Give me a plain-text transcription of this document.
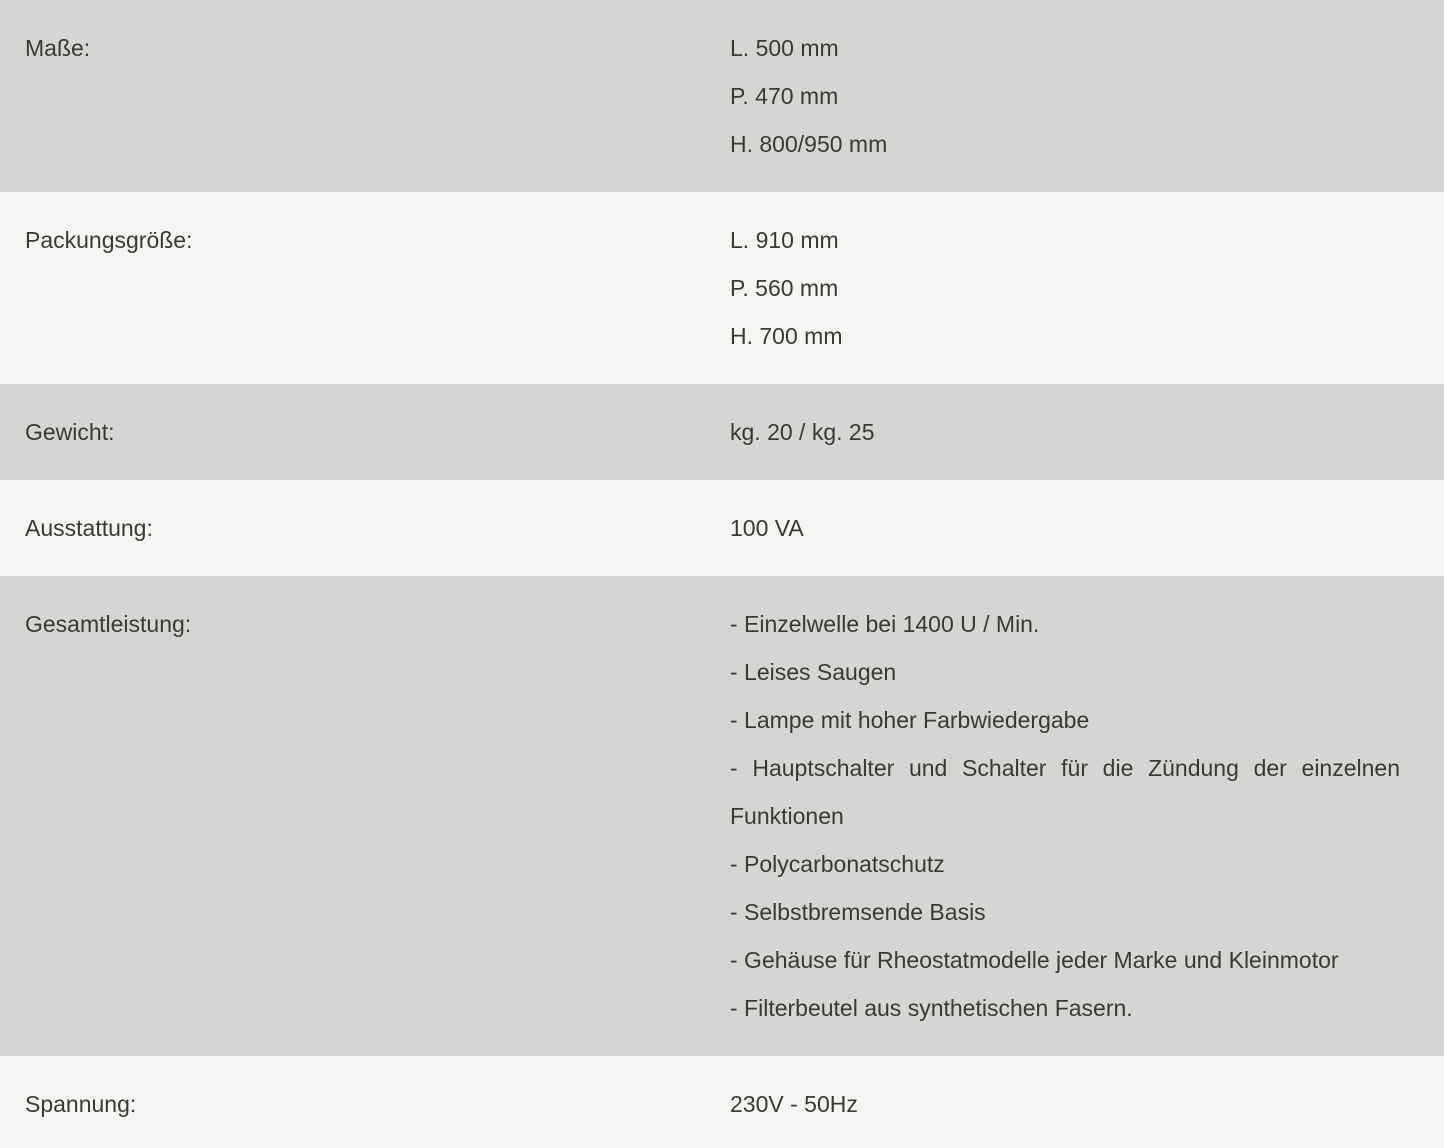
Maße:	L. 500 mm
P. 470 mm
H. 800/950 mm
Packungsgröße:	L. 910 mm
P. 560 mm
H. 700 mm
Gewicht:	kg. 20 / kg. 25
Ausstattung:	100 VA
Gesamtleistung:	- Einzelwelle bei 1400 U / Min.
- Leises Saugen
- Lampe mit hoher Farbwiedergabe
- Hauptschalter und Schalter für die Zündung der einzelnen Funktionen
- Polycarbonatschutz
- Selbstbremsende Basis
- Gehäuse für Rheostatmodelle jeder Marke und Kleinmotor
- Filterbeutel aus synthetischen Fasern.
Spannung:	230V - 50Hz
